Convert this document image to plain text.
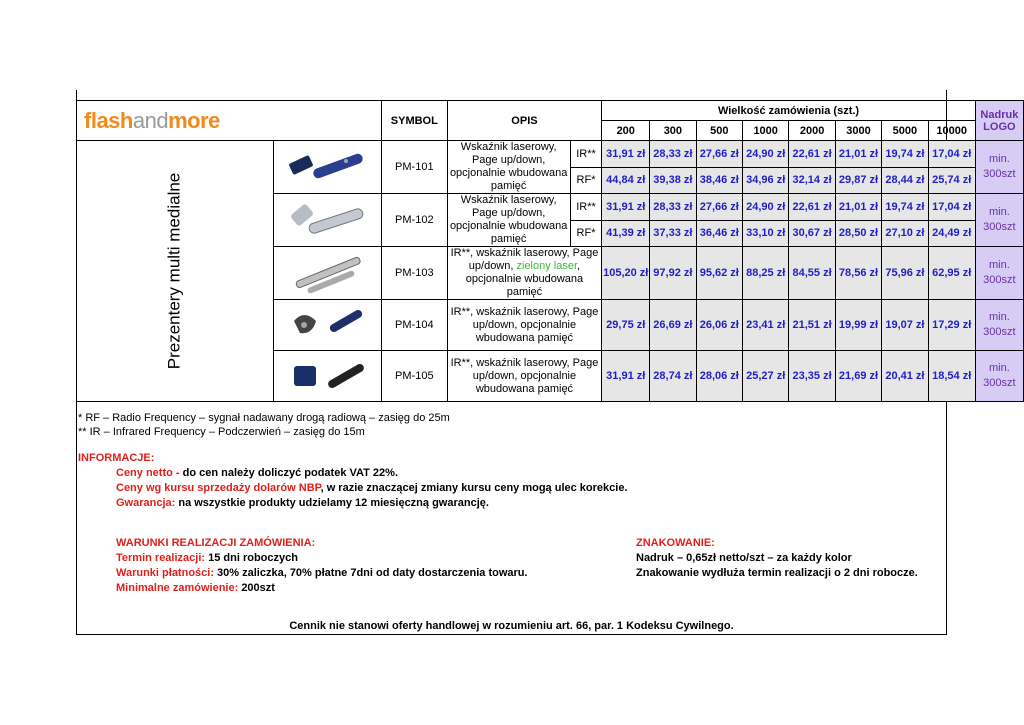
flashandmore		SYMBOL	OPIS		Wielkość zamówienia (szt.)								Nadruk LOGO
					200	300	500	1000	2000	3000	5000	10000	
Prezentery multi medialne		PM-101	Wskaźnik laserowy, Page up/down, opcjonalnie wbudowana pamięć	IR**	31,91 zł	28,33 zł	27,66 zł	24,90 zł	22,61 zł	21,01 zł	19,74 zł	17,04 zł	min. 300szt
				RF*	44,84 zł	39,38 zł	38,46 zł	34,96 zł	32,14 zł	29,87 zł	28,44 zł	25,74 zł	

	PM-102	Wskaźnik laserowy, Page up/down, opcjonalnie wbudowana pamięć	IR**	31,91 zł	28,33 zł	27,66 zł	24,90 zł	22,61 zł	21,01 zł	19,74 zł	17,04 zł	min. 300szt
				RF*	41,39 zł	37,33 zł	36,46 zł	33,10 zł	30,67 zł	28,50 zł	27,10 zł	24,49 zł	

	PM-103	IR**, wskaźnik laserowy, Page up/down, zielony laser, opcjonalnie wbudowana pamięć		105,20 zł	97,92 zł	95,62 zł	88,25 zł	84,55 zł	78,56 zł	75,96 zł	62,95 zł	min. 300szt

	PM-104	IR**, wskaźnik laserowy, Page up/down, opcjonalnie wbudowana pamięć		29,75 zł	26,69 zł	26,06 zł	23,41 zł	21,51 zł	19,99 zł	19,07 zł	17,29 zł	min. 300szt

	PM-105	IR**, wskaźnik laserowy, Page up/down, opcjonalnie wbudowana pamięć		31,91 zł	28,74 zł	28,06 zł	25,27 zł	23,35 zł	21,69 zł	20,41 zł	18,54 zł	min. 300szt
* RF – Radio Frequency – sygnał nadawany drogą radiową – zasięg do 25m
** IR – Infrared Frequency – Podczerwień – zasięg do 15m
INFORMACJE:
Ceny netto - do cen należy doliczyć podatek VAT 22%.
Ceny wg kursu sprzedaży dolarów NBP, w razie znaczącej zmiany kursu ceny mogą ulec korekcie.
Gwarancja: na wszystkie produkty udzielamy 12 miesięczną gwarancję.
WARUNKI REALIZACJI ZAMÓWIENIA:
Termin realizacji: 15 dni roboczych
Warunki płatności: 30% zaliczka, 70% płatne 7dni od daty dostarczenia towaru.
Minimalne zamówienie: 200szt
ZNAKOWANIE:
Nadruk – 0,65zł netto/szt – za każdy kolor
Znakowanie wydłuża termin realizacji o 2 dni robocze.
Cennik nie stanowi oferty handlowej w rozumieniu art. 66, par. 1 Kodeksu Cywilnego.
